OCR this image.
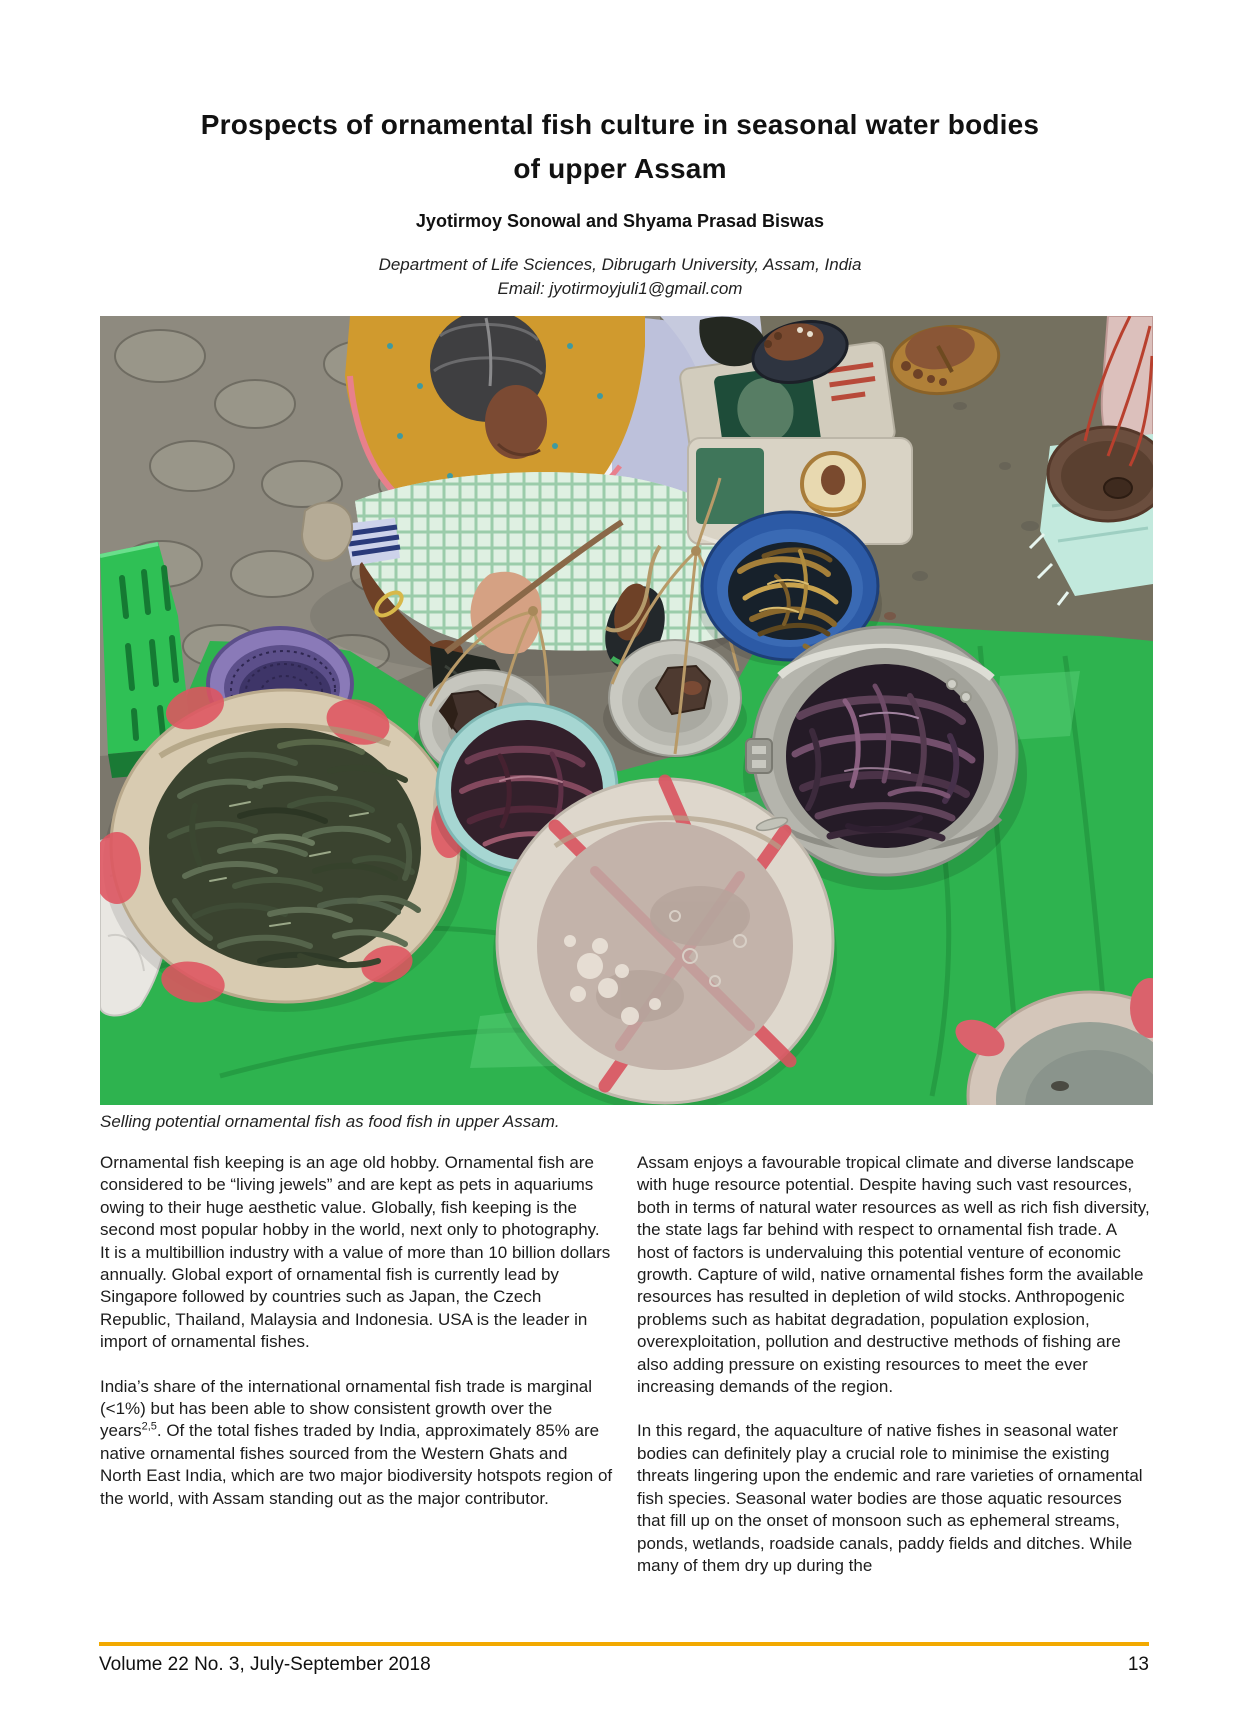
Prospects of ornamental fish culture in seasonal water bodies
of upper Assam
Jyotirmoy Sonowal and Shyama Prasad Biswas
Department of Life Sciences, Dibrugarh University, Assam, India
Email: jyotirmoyjuli1@gmail.com
Selling potential ornamental fish as food fish in upper Assam.

Ornamental fish keeping is an age old hobby. Ornamental fish are considered to be “living jewels” and are kept as pets in aquariums owing to their huge aesthetic value. Globally, fish keeping is the second most popular hobby in the world, next only to photography. It is a multibillion industry with a value of more than 10 billion dollars annually. Global export of ornamental fish is currently lead by Singapore followed by countries such as Japan, the Czech Republic, Thailand, Malaysia and Indonesia. USA is the leader in import of ornamental fishes.

India’s share of the international ornamental fish trade is marginal (<1%) but has been able to show consistent growth over the years$^{2,5}$. Of the total fishes traded by India, approximately 85% are native ornamental fishes sourced from the Western Ghats and North East India, which are two major biodiversity hotspots region of the world, with Assam standing out as the major contributor.

Assam enjoys a favourable tropical climate and diverse landscape with huge resource potential. Despite having such vast resources, both in terms of natural water resources as well as rich fish diversity, the state lags far behind with respect to ornamental fish trade. A host of factors is undervaluing this potential venture of economic growth. Capture of wild, native ornamental fishes form the available resources has resulted in depletion of wild stocks. Anthropogenic problems such as habitat degradation, population explosion, overexploitation, pollution and destructive methods of fishing are also adding pressure on existing resources to meet the ever increasing demands of the region.

In this regard, the aquaculture of native fishes in seasonal water bodies can definitely play a crucial role to minimise the existing threats lingering upon the endemic and rare varieties of ornamental fish species. Seasonal water bodies are those aquatic resources that fill up on the onset of monsoon such as ephemeral streams, ponds, wetlands, roadside canals, paddy fields and ditches. While many of them dry up during the

Volume 22 No. 3, July-September 2018	13
